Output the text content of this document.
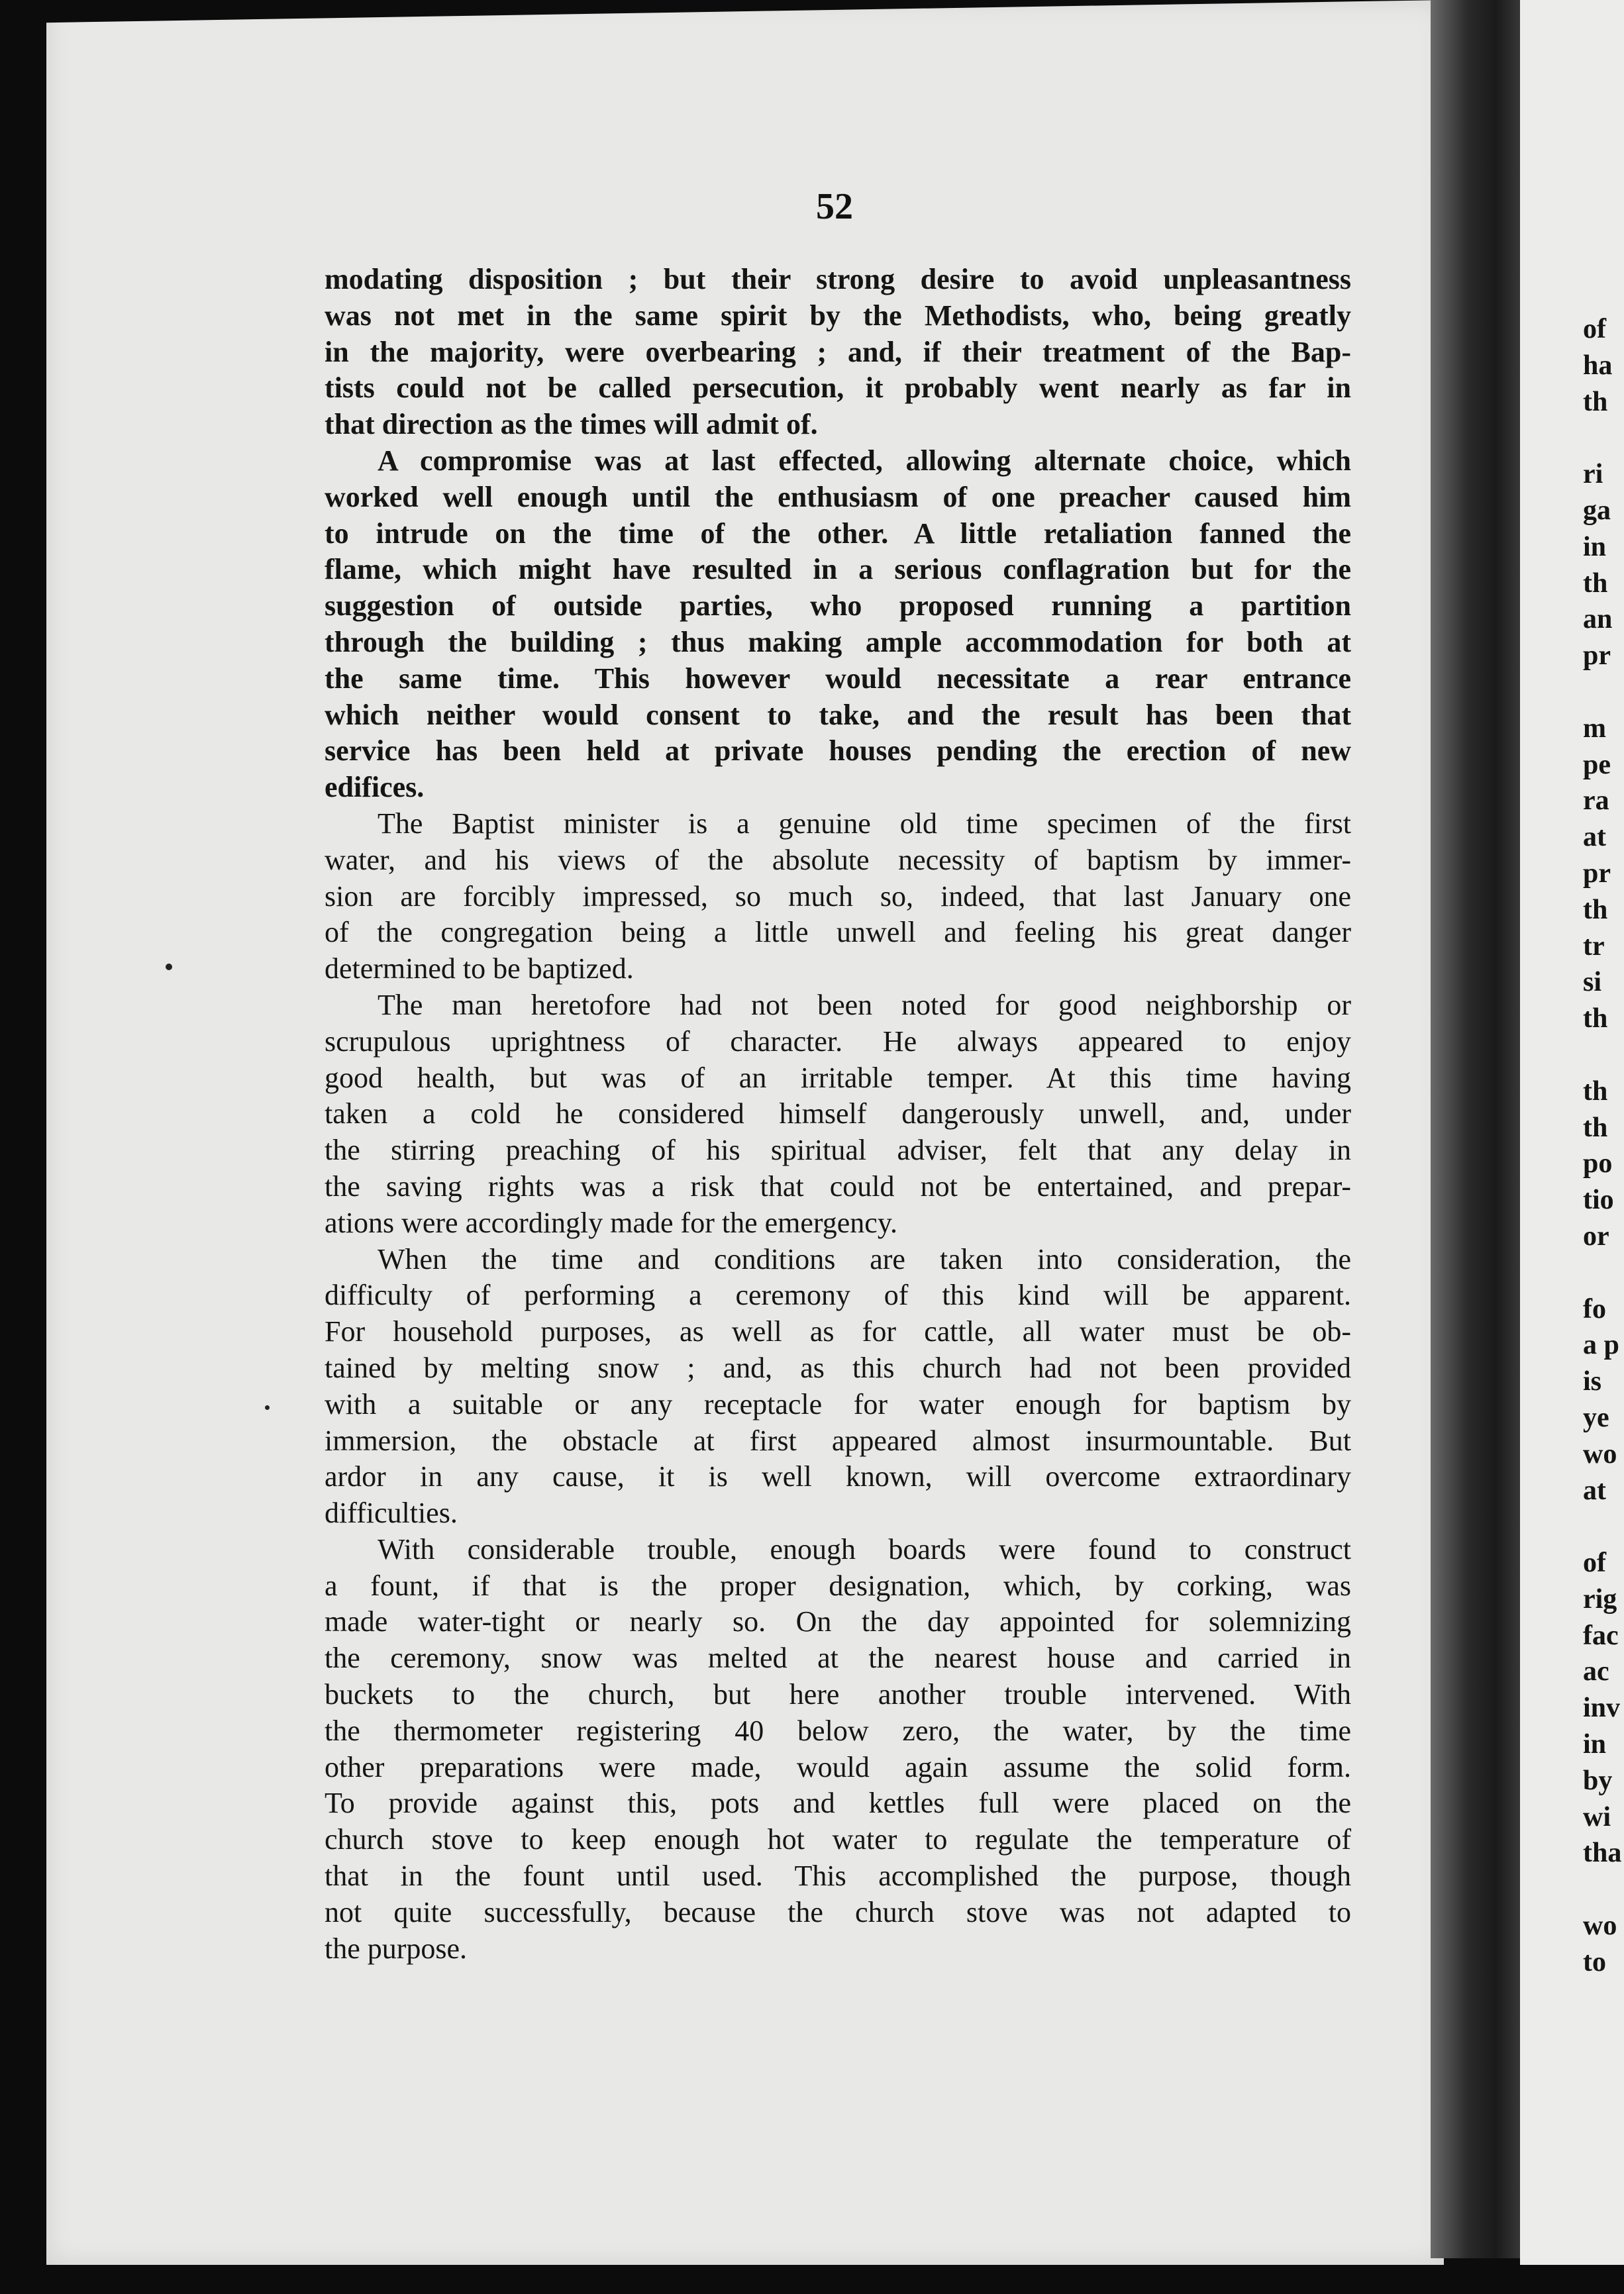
52
modating disposition ; but their strong desire to avoid unpleasantness
was not met in the same spirit by the Methodists, who, being greatly
in the majority, were overbearing ; and, if their treatment of the Bap-
tists could not be called persecution, it probably went nearly as far in
that direction as the times will admit of.
A compromise was at last effected, allowing alternate choice, which
worked well enough until the enthusiasm of one preacher caused him
to intrude on the time of the other. A little retaliation fanned the
flame, which might have resulted in a serious conflagration but for the
suggestion of outside parties, who proposed running a partition
through the building ; thus making ample accommodation for both at
the same time. This however would necessitate a rear entrance
which neither would consent to take, and the result has been that
service has been held at private houses pending the erection of new
edifices.
The Baptist minister is a genuine old time specimen of the first
water, and his views of the absolute necessity of baptism by immer-
sion are forcibly impressed, so much so, indeed, that last January one
of the congregation being a little unwell and feeling his great danger
determined to be baptized.
The man heretofore had not been noted for good neighborship or
scrupulous uprightness of character. He always appeared to enjoy
good health, but was of an irritable temper. At this time having
taken a cold he considered himself dangerously unwell, and, under
the stirring preaching of his spiritual adviser, felt that any delay in
the saving rights was a risk that could not be entertained, and prepar-
ations were accordingly made for the emergency.
When the time and conditions are taken into consideration, the
difficulty of performing a ceremony of this kind will be apparent.
For household purposes, as well as for cattle, all water must be ob-
tained by melting snow ; and, as this church had not been provided
with a suitable or any receptacle for water enough for baptism by
immersion, the obstacle at first appeared almost insurmountable. But
ardor in any cause, it is well known, will overcome extraordinary
difficulties.
With considerable trouble, enough boards were found to construct
a fount, if that is the proper designation, which, by corking, was
made water-tight or nearly so. On the day appointed for solemnizing
the ceremony, snow was melted at the nearest house and carried in
buckets to the church, but here another trouble intervened. With
the thermometer registering 40 below zero, the water, by the time
other preparations were made, would again assume the solid form.
To provide against this, pots and kettles full were placed on the
church stove to keep enough hot water to regulate the temperature of
that in the fount until used. This accomplished the purpose, though
not quite successfully, because the church stove was not adapted to
the purpose.
of
ha
th
ri
ga
in
th
an
pr
m
pe
ra
at
pr
th
tr
si
th
th
th
po
tio
or
fo
a p
is
ye
wo
at
of
rig
fac
ac
inv
in
by
wi
tha
wo
to
